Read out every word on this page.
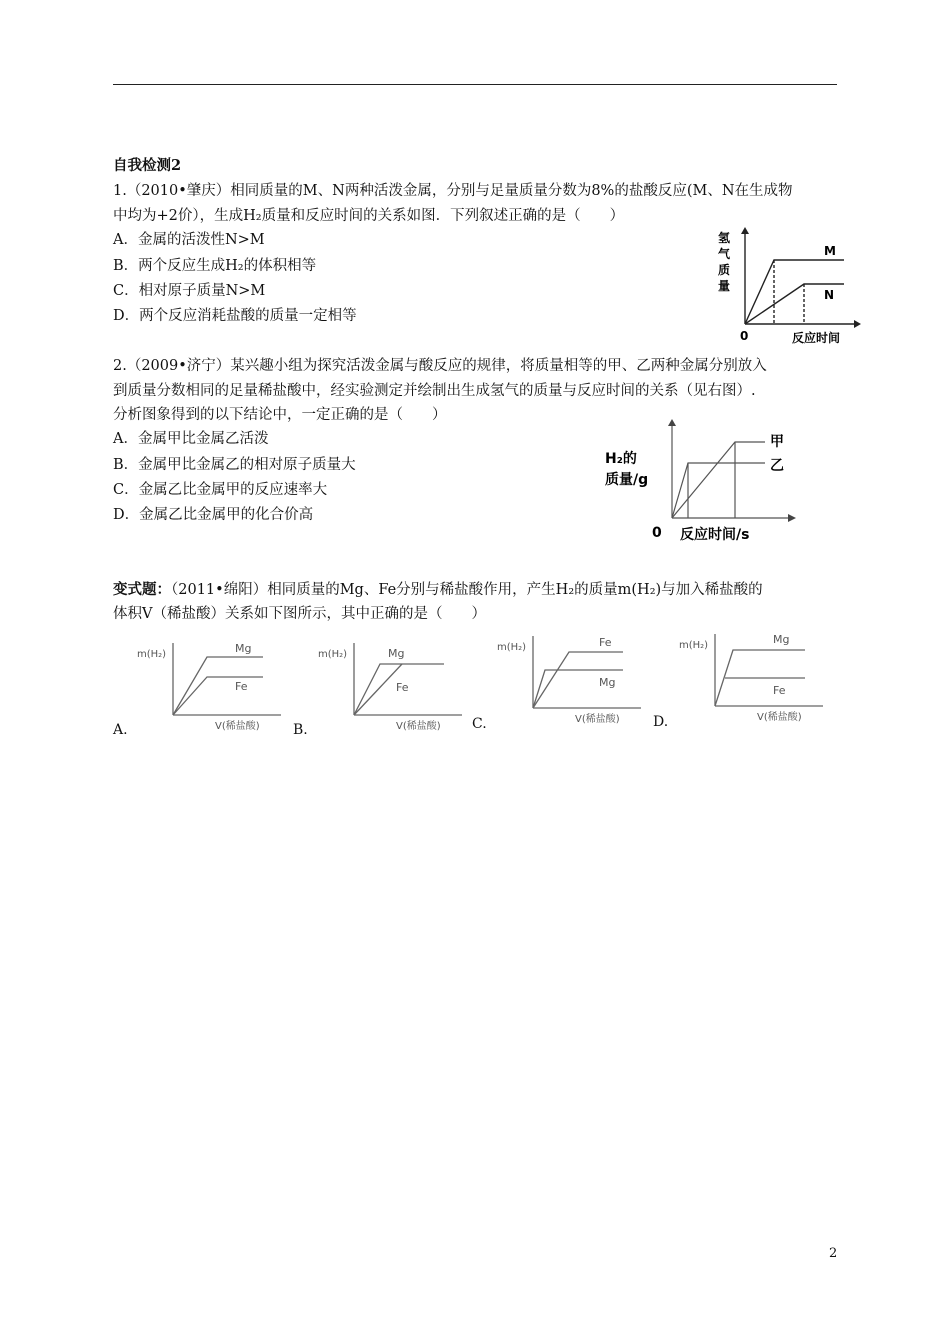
自我检测2
1.（2010•肇庆）相同质量的M、N两种活泼金属，分别与足量质量分数为8%的盐酸反应(M、N在生成物
中均为+2价），生成H₂质量和反应时间的关系如图．下列叙述正确的是（　　）
A．金属的活泼性N>M
B．两个反应生成H₂的体积相等
C．相对原子质量N>M
D．两个反应消耗盐酸的质量一定相等
氢
气
质
量
M
N
0	反应时间
2.（2009•济宁）某兴趣小组为探究活泼金属与酸反应的规律，将质量相等的甲、乙两种金属分别放入
到质量分数相同的足量稀盐酸中，经实验测定并绘制出生成氢气的质量与反应时间的关系（见右图）.
分析图象得到的以下结论中，一定正确的是（　　）
A．金属甲比金属乙活泼
B．金属甲比金属乙的相对原子质量大
C．金属乙比金属甲的反应速率大
D．金属乙比金属甲的化合价高
H₂的
质量/g
甲
乙
0 反应时间/s
变式题：（2011•绵阳）相同质量的Mg、Fe分别与稀盐酸作用，产生H₂的质量m(H₂)与加入稀盐酸的
体积V（稀盐酸）关系如下图所示，其中正确的是（　　）
A.
m(H₂)	Mg
Fe
V(稀盐酸) B.
m(H₂)	Mg
Fe
V(稀盐酸) C.
m(H₂)	Fe
Mg
V(稀盐酸) D.
m(H₂)	Mg
Fe
V(稀盐酸)
2
